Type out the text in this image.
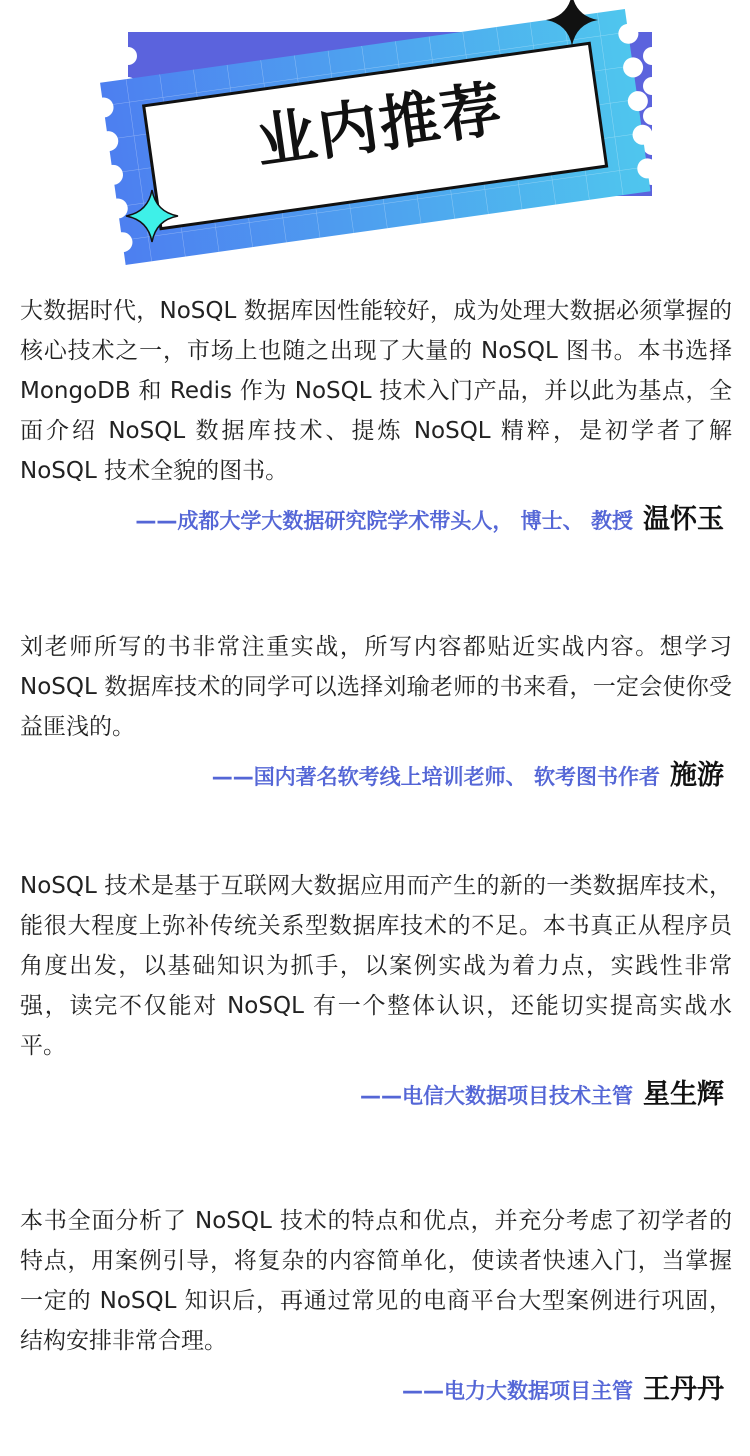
业内推荐

大数据时代，NoSQL 数据库因性能较好，成为处理大数据必须掌握的核心技术之一，市场上也随之出现了大量的 NoSQL 图书。本书选择 MongoDB 和 Redis 作为 NoSQL 技术入门产品，并以此为基点，全面介绍 NoSQL 数据库技术、提炼 NoSQL 精粹，是初学者了解 NoSQL 技术全貌的图书。

——成都大学大数据研究院学术带头人， 博士、 教授 温怀玉

刘老师所写的书非常注重实战，所写内容都贴近实战内容。想学习 NoSQL 数据库技术的同学可以选择刘瑜老师的书来看，一定会使你受益匪浅的。

——国内著名软考线上培训老师、 软考图书作者 施游

NoSQL 技术是基于互联网大数据应用而产生的新的一类数据库技术，能很大程度上弥补传统关系型数据库技术的不足。本书真正从程序员角度出发，以基础知识为抓手，以案例实战为着力点，实践性非常强，读完不仅能对 NoSQL 有一个整体认识，还能切实提高实战水平。

——电信大数据项目技术主管 星生辉

本书全面分析了 NoSQL 技术的特点和优点，并充分考虑了初学者的特点，用案例引导，将复杂的内容简单化，使读者快速入门，当掌握一定的 NoSQL 知识后，再通过常见的电商平台大型案例进行巩固，结构安排非常合理。

——电力大数据项目主管 王丹丹
